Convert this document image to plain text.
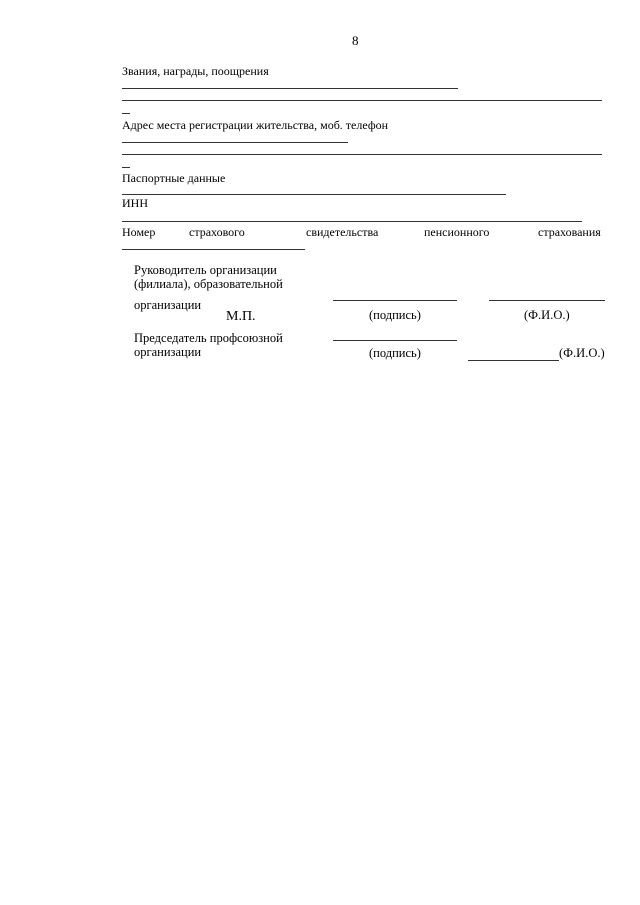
8
Звания, награды, поощрения
Адрес места регистрации жительства, моб. телефон
Паспортные данные
ИНН
Номер	страхового	свидетельства	пенсионного	страхования
Руководитель организации
(филиала), образовательной
организации
М.П.	(подпись)	(Ф.И.О.)
Председатель профсоюзной
организации	(подпись)	(Ф.И.О.)
